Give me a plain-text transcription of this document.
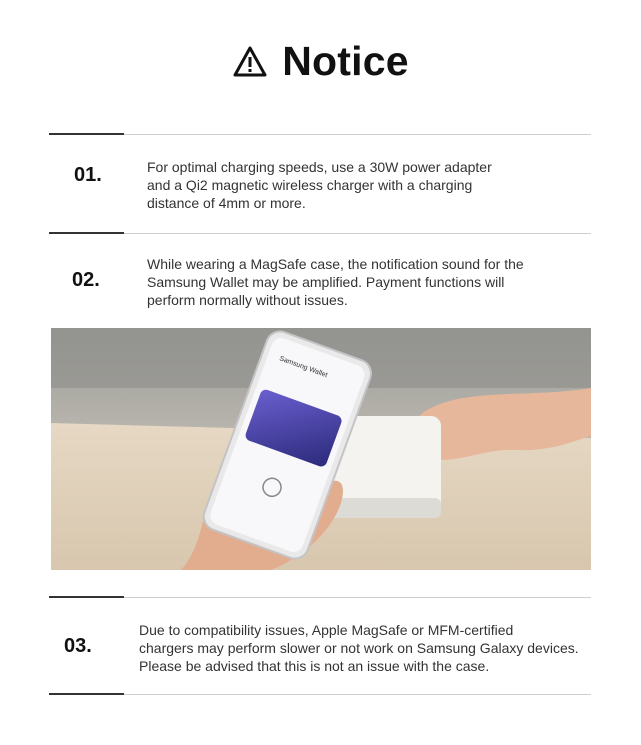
Notice
01.	For optimal charging speeds, use a 30W power adapter
and a Qi2 magnetic wireless charger with a charging
distance of 4mm or more.
02.
While wearing a MagSafe case, the notification sound for the
Samsung Wallet may be amplified. Payment functions will
perform normally without issues.
Samsung Wallet
03.
Due to compatibility issues, Apple MagSafe or MFM-certified
chargers may perform slower or not work on Samsung Galaxy devices.
Please be advised that this is not an issue with the case.
